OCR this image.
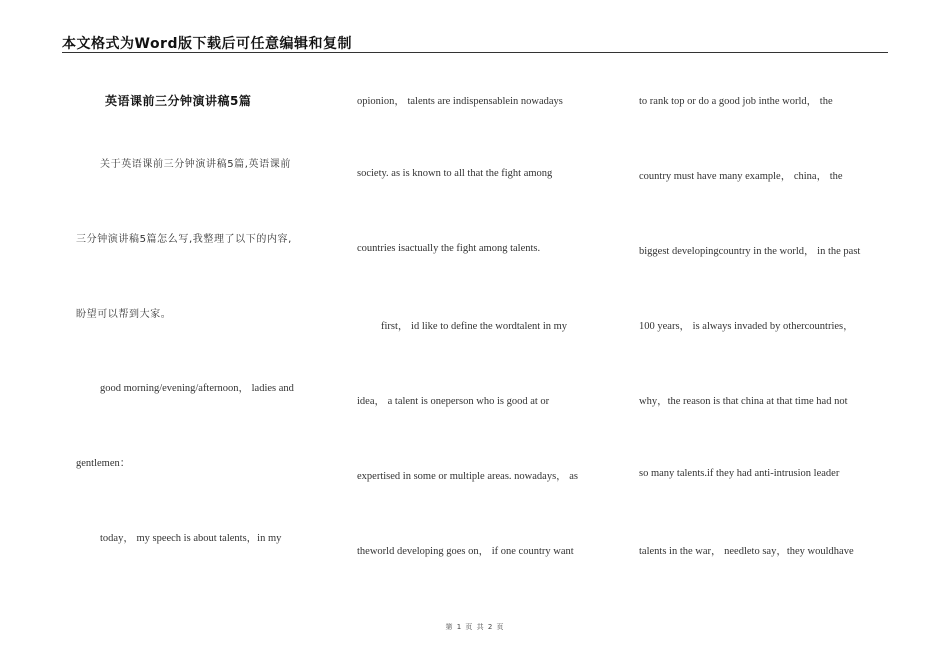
本文格式为Word版下载后可任意编辑和复制
英语课前三分钟演讲稿5篇
关于英语课前三分钟演讲稿5篇,英语课前
三分钟演讲稿5篇怎么写,我整理了以下的内容,
盼望可以帮到大家。
good morning/evening/afternoon， ladies and
gentlemen：
today， my speech is about talents，in my
opionion， talents are indispensablein nowadays
society. as is known to all that the fight among
countries isactually the fight among talents.
first， id like to define the wordtalent in my
idea， a talent is oneperson who is good at or
expertised in some or multiple areas. nowadays， as
theworld developing goes on， if one country want
to rank top or do a good job inthe world， the
country must have many example， china， the
biggest developingcountry in the world， in the past
100 years， is always invaded by othercountries，
why，the reason is that china at that time had not
so many talents.if they had anti-intrusion leader
talents in the war， needleto say，they wouldhave
第 1 页 共 2 页
